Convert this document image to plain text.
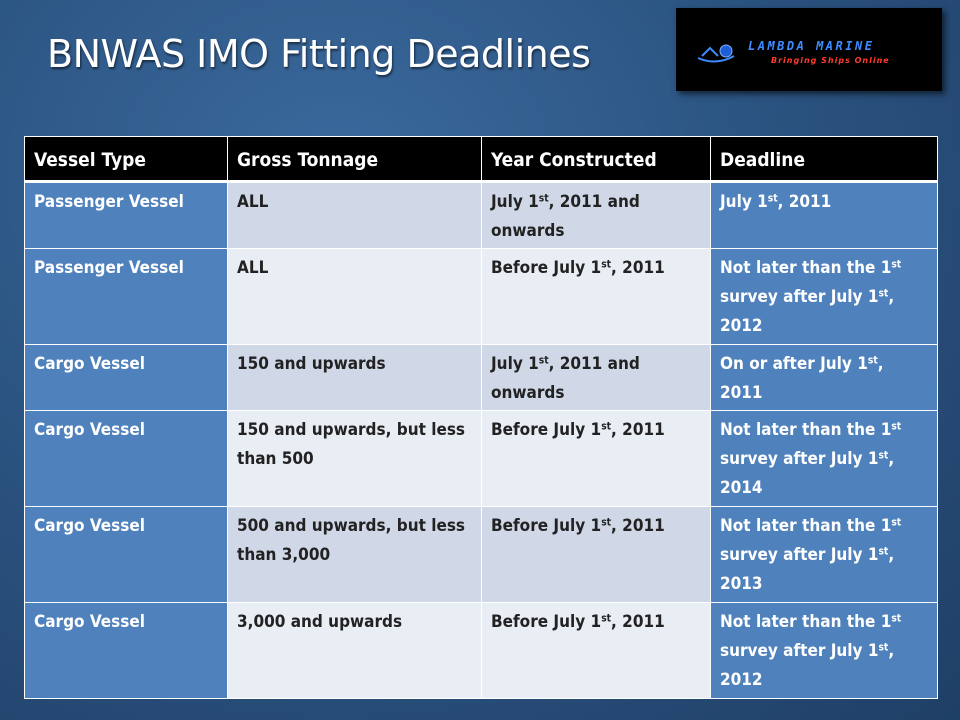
BNWAS IMO Fitting Deadlines	LAMBDA MARINE
Bringing Ships Online
Vessel Type	Gross Tonnage	Year Constructed	Deadline
Passenger Vessel	ALL	July 1st, 2011 and onwards	July 1st, 2011
Passenger Vessel	ALL	Before July 1st, 2011	Not later than the 1st survey after July 1st, 2012
Cargo Vessel	150 and upwards	July 1st, 2011 and onwards	On or after July 1st, 2011
Cargo Vessel	150 and upwards, but less than 500	Before July 1st, 2011	Not later than the 1st survey after July 1st, 2014
Cargo Vessel	500 and upwards, but less than 3,000	Before July 1st, 2011	Not later than the 1st survey after July 1st, 2013
Cargo Vessel	3,000 and upwards	Before July 1st, 2011	Not later than the 1st survey after July 1st, 2012
